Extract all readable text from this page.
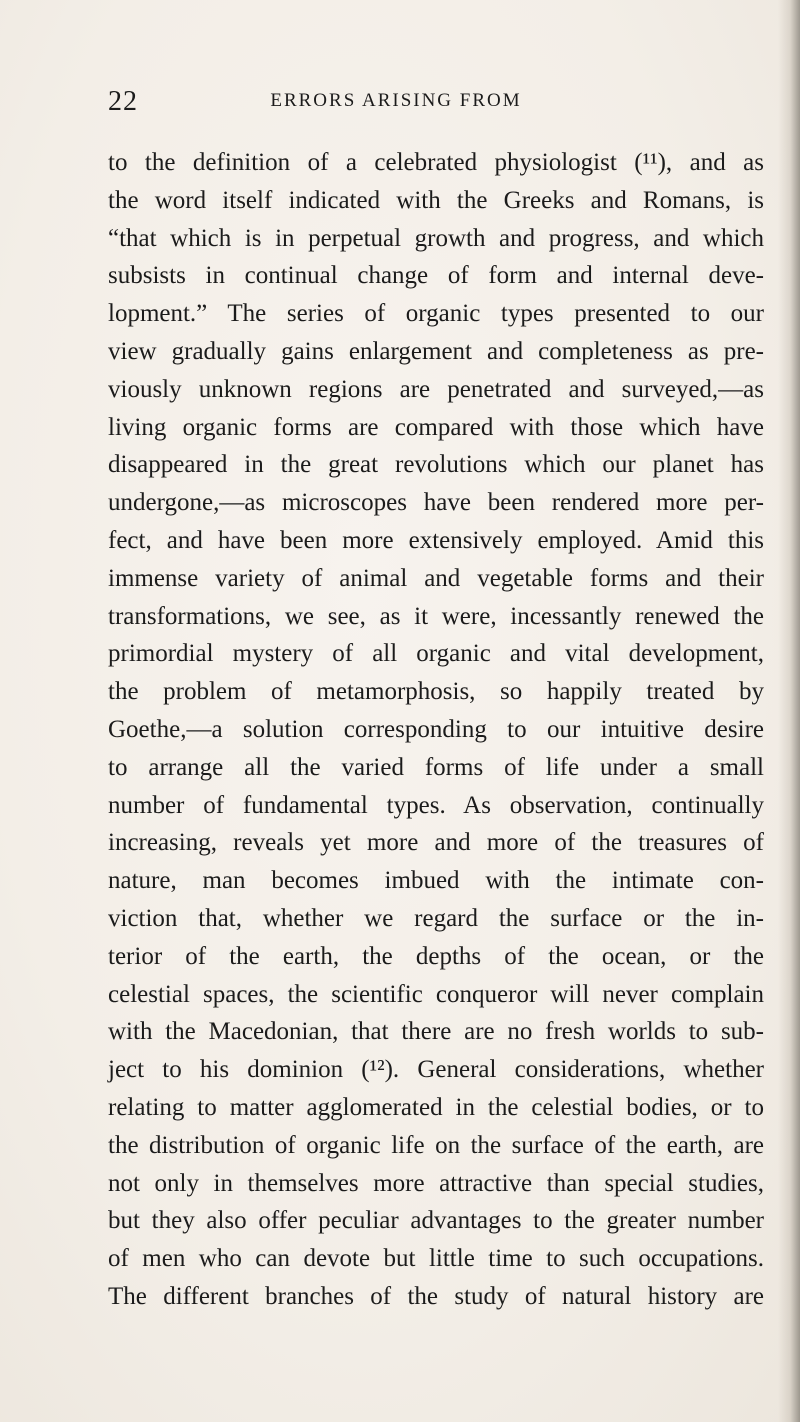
22	ERRORS ARISING FROM
to the definition of a celebrated physiologist (¹¹), and as
the word itself indicated with the Greeks and Romans, is
“that which is in perpetual growth and progress, and which
subsists in continual change of form and internal deve-
lopment.” The series of organic types presented to our
view gradually gains enlargement and completeness as pre-
viously unknown regions are penetrated and surveyed,—as
living organic forms are compared with those which have
disappeared in the great revolutions which our planet has
undergone,—as microscopes have been rendered more per-
fect, and have been more extensively employed. Amid this
immense variety of animal and vegetable forms and their
transformations, we see, as it were, incessantly renewed the
primordial mystery of all organic and vital development,
the problem of metamorphosis, so happily treated by
Goethe,—a solution corresponding to our intuitive desire
to arrange all the varied forms of life under a small
number of fundamental types. As observation, continually
increasing, reveals yet more and more of the treasures of
nature, man becomes imbued with the intimate con-
viction that, whether we regard the surface or the in-
terior of the earth, the depths of the ocean, or the
celestial spaces, the scientific conqueror will never complain
with the Macedonian, that there are no fresh worlds to sub-
ject to his dominion (¹²). General considerations, whether
relating to matter agglomerated in the celestial bodies, or to
the distribution of organic life on the surface of the earth, are
not only in themselves more attractive than special studies,
but they also offer peculiar advantages to the greater number
of men who can devote but little time to such occupations.
The different branches of the study of natural history are
